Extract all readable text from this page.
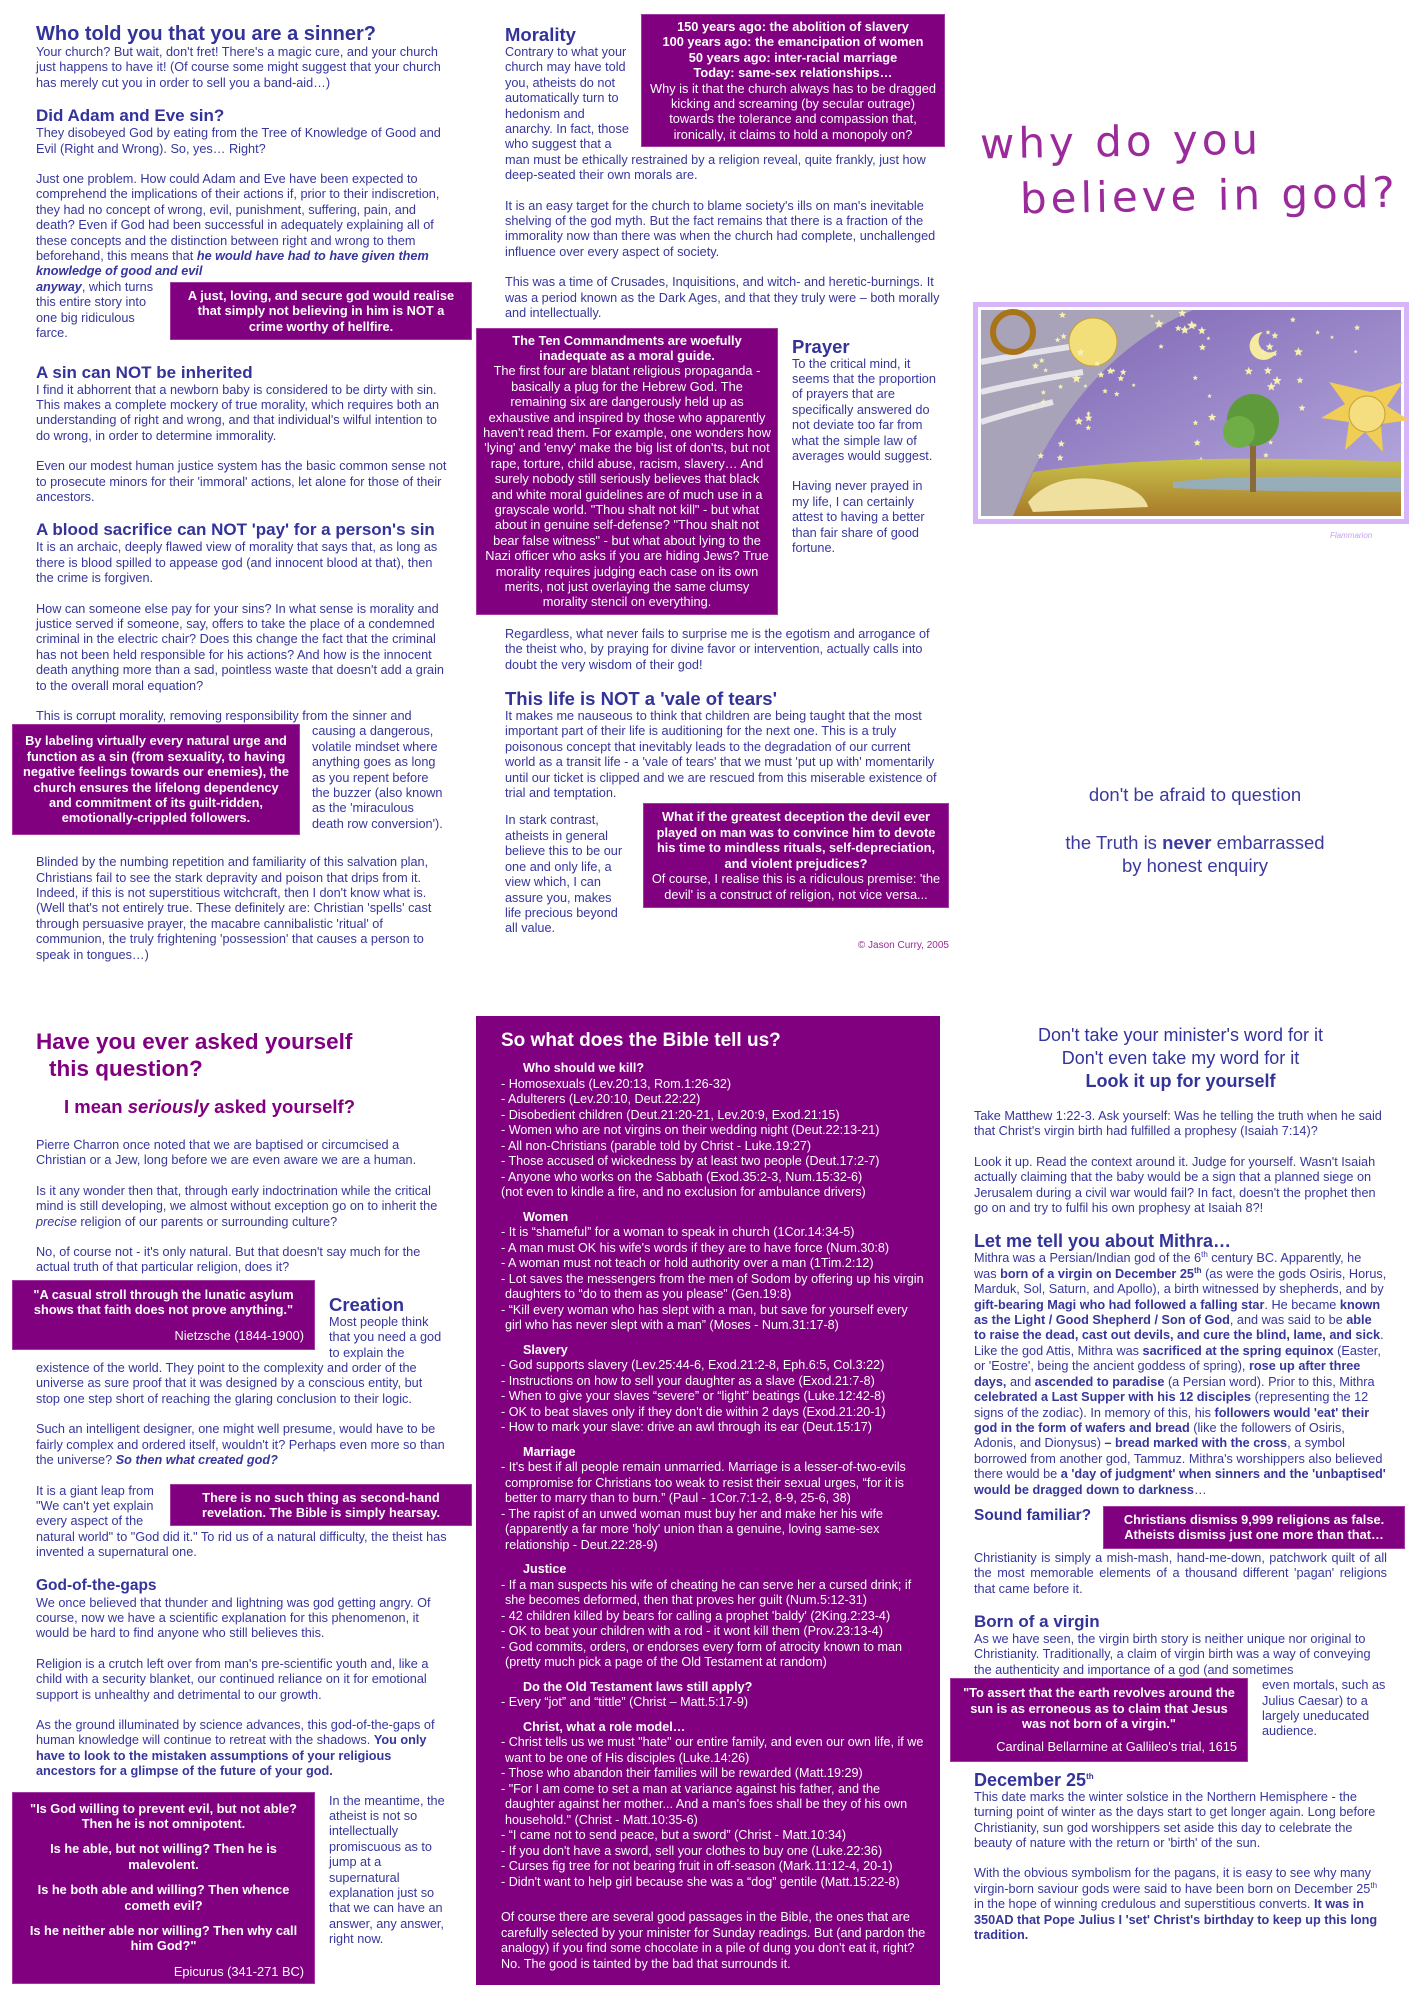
Who told you that you are a sinner?

Your church? But wait, don't fret! There's a magic cure, and your church just happens to have it! (Of course some might suggest that your church has merely cut you in order to sell you a band-aid…)

Did Adam and Eve sin?

They disobeyed God by eating from the Tree of Knowledge of Good and Evil (Right and Wrong). So, yes… Right?

Just one problem. How could Adam and Eve have been expected to comprehend the implications of their actions if, prior to their indiscretion, they had no concept of wrong, evil, punishment, suffering, pain, and death? Even if God had been successful in adequately explaining all of these concepts and the distinction between right and wrong to them beforehand, this means that he would have had to have given them knowledge of good and evil
A just, loving, and secure god would realise that simply not believing in him is NOT a crime worthy of hellfire.

anyway, which turns this entire story into one big ridiculous farce.

A sin can NOT be inherited

I find it abhorrent that a newborn baby is considered to be dirty with sin. This makes a complete mockery of true morality, which requires both an understanding of right and wrong, and that individual's wilful intention to do wrong, in order to determine immorality.

Even our modest human justice system has the basic common sense not to prosecute minors for their 'immoral' actions, let alone for those of their ancestors.

A blood sacrifice can NOT 'pay' for a person's sin

It is an archaic, deeply flawed view of morality that says that, as long as there is blood spilled to appease god (and innocent blood at that), then the crime is forgiven.

How can someone else pay for your sins? In what sense is morality and justice served if someone, say, offers to take the place of a condemned criminal in the electric chair? Does this change the fact that the criminal has not been held responsible for his actions? And how is the innocent death anything more than a sad, pointless waste that doesn't add a grain to the overall moral equation?

This is corrupt morality, removing responsibility from the sinner and
By labeling virtually every natural urge and function as a sin (from sexuality, to having negative feelings towards our enemies), the church ensures the lifelong dependency and commitment of its guilt-ridden, emotionally-crippled followers.

causing a dangerous, volatile mindset where anything goes as long as you repent before the buzzer (also known as the 'miraculous death row conversion').

Blinded by the numbing repetition and familiarity of this salvation plan, Christians fail to see the stark depravity and poison that drips from it. Indeed, if this is not superstitious witchcraft, then I don't know what is. (Well that's not entirely true. These definitely are: Christian 'spells' cast through persuasive prayer, the macabre cannibalistic 'ritual' of communion, the truly frightening 'possession' that causes a person to speak in tongues…)

150 years ago: the abolition of slavery
100 years ago: the emancipation of women
50 years ago: inter-racial marriage
Today: same-sex relationships…
Why is it that the church always has to be dragged kicking and screaming (by secular outrage) towards the tolerance and compassion that, ironically, it claims to hold a monopoly on?
Morality

Contrary to what your church may have told you, atheists do not automatically turn to hedonism and anarchy. In fact, those who suggest that a man must be ethically restrained by a religion reveal, quite frankly, just how deep-seated their own morals are.

It is an easy target for the church to blame society's ills on man's inevitable shelving of the god myth. But the fact remains that there is a fraction of the immorality now than there was when the church had complete, unchallenged influence over every aspect of society.

This was a time of Crusades, Inquisitions, and witch- and heretic-burnings. It was a period known as the Dark Ages, and that they truly were – both morally and intellectually.

The Ten Commandments are woefully inadequate as a moral guide.
The first four are blatant religious propaganda - basically a plug for the Hebrew God. The remaining six are dangerously held up as exhaustive and inspired by those who apparently haven't read them. For example, one wonders how 'lying' and 'envy' make the big list of don'ts, but not rape, torture, child abuse, racism, slavery… And surely nobody still seriously believes that black and white moral guidelines are of much use in a grayscale world. "Thou shalt not kill" - but what about in genuine self-defense? "Thou shalt not bear false witness" - but what about lying to the Nazi officer who asks if you are hiding Jews? True morality requires judging each case on its own merits, not just overlaying the same clumsy morality stencil on everything.
Prayer

To the critical mind, it seems that the proportion of prayers that are specifically answered do not deviate too far from what the simple law of averages would suggest.

Having never prayed in my life, I can certainly attest to having a better than fair share of good fortune.

Regardless, what never fails to surprise me is the egotism and arrogance of the theist who, by praying for divine favor or intervention, actually calls into doubt the very wisdom of their god!

This life is NOT a 'vale of tears'
It makes me nauseous to think that children are being taught that the most important part of their life is auditioning for the next one. This is a truly poisonous concept that inevitably leads to the degradation of our current world as a transit life - a 'vale of tears' that we must 'put up with' momentarily until our ticket is clipped and we are rescued from this miserable existence of trial and temptation.
What if the greatest deception the devil ever played on man was to convince him to devote his time to mindless rituals, self-depreciation, and violent prejudices?
Of course, I realise this is a ridiculous premise: 'the devil' is a construct of religion, not vice versa...

In stark contrast, atheists in general believe this to be our one and only life, a view which, I can assure you, makes life precious beyond all value.

© Jason Curry, 2005
why do you
believe in god?
Flammarion
don't be afraid to question
the Truth is never embarrassed
by honest enquiry
Have you ever asked yourself
this question?
I mean seriously asked yourself?

Pierre Charron once noted that we are baptised or circumcised a Christian or a Jew, long before we are even aware we are a human.

Is it any wonder then that, through early indoctrination while the critical mind is still developing, we almost without exception go on to inherit the precise religion of our parents or surrounding culture?

No, of course not - it's only natural. But that doesn't say much for the actual truth of that particular religion, does it?

"A casual stroll through the lunatic asylum shows that faith does not prove anything."
Nietzsche (1844-1900)
Creation

Most people think that you need a god to explain the existence of the world. They point to the complexity and order of the universe as sure proof that it was designed by a conscious entity, but stop one step short of reaching the glaring conclusion to their logic.

Such an intelligent designer, one might well presume, would have to be fairly complex and ordered itself, wouldn't it? Perhaps even more so than the universe? So then what created god?

There is no such thing as second-hand revelation. The Bible is simply hearsay.

It is a giant leap from "We can't yet explain every aspect of the natural world" to "God did it." To rid us of a natural difficulty, the theist has invented a supernatural one.

God-of-the-gaps

We once believed that thunder and lightning was god getting angry. Of course, now we have a scientific explanation for this phenomenon, it would be hard to find anyone who still believes this.

Religion is a crutch left over from man's pre-scientific youth and, like a child with a security blanket, our continued reliance on it for emotional support is unhealthy and detrimental to our growth.

As the ground illuminated by science advances, this god-of-the-gaps of human knowledge will continue to retreat with the shadows. You only have to look to the mistaken assumptions of your religious ancestors for a glimpse of the future of your god.

"Is God willing to prevent evil, but not able? Then he is not omnipotent.
Is he able, but not willing? Then he is malevolent.
Is he both able and willing? Then whence cometh evil?
Is he neither able nor willing? Then why call him God?"
Epicurus (341-271 BC)

In the meantime, the atheist is not so intellectually promiscuous as to jump at a supernatural explanation just so that we can have an answer, any answer, right now.

So what does the Bible tell us?
Who should we kill?
- Homosexuals (Lev.20:13, Rom.1:26-32)
- Adulterers (Lev.20:10, Deut.22:22)
- Disobedient children (Deut.21:20-21, Lev.20:9, Exod.21:15)
- Women who are not virgins on their wedding night (Deut.22:13-21)
- All non-Christians (parable told by Christ - Luke.19:27)
- Those accused of wickedness by at least two people (Deut.17:2-7)
- Anyone who works on the Sabbath (Exod.35:2-3, Num.15:32-6)
(not even to kindle a fire, and no exclusion for ambulance drivers)
Women
- It is “shameful” for a woman to speak in church (1Cor.14:34-5)
- A man must OK his wife's words if they are to have force (Num.30:8)
- A woman must not teach or hold authority over a man (1Tim.2:12)
- Lot saves the messengers from the men of Sodom by offering up his virgin daughters to “do to them as you please” (Gen.19:8)
- “Kill every woman who has slept with a man, but save for yourself every girl who has never slept with a man” (Moses - Num.31:17-8)
Slavery
- God supports slavery (Lev.25:44-6, Exod.21:2-8, Eph.6:5, Col.3:22)
- Instructions on how to sell your daughter as a slave (Exod.21:7-8)
- When to give your slaves “severe” or “light” beatings (Luke.12:42-8)
- OK to beat slaves only if they don't die within 2 days (Exod.21:20-1)
- How to mark your slave: drive an awl through its ear (Deut.15:17)
Marriage
- It's best if all people remain unmarried. Marriage is a lesser-of-two-evils compromise for Christians too weak to resist their sexual urges, “for it is better to marry than to burn.” (Paul - 1Cor.7:1-2, 8-9, 25-6, 38)
- The rapist of an unwed woman must buy her and make her his wife (apparently a far more 'holy' union than a genuine, loving same-sex relationship - Deut.22:28-9)
Justice
- If a man suspects his wife of cheating he can serve her a cursed drink; if she becomes deformed, then that proves her guilt (Num.5:12-31)
- 42 children killed by bears for calling a prophet 'baldy' (2King.2:23-4)
- OK to beat your children with a rod - it wont kill them (Prov.23:13-4)
- God commits, orders, or endorses every form of atrocity known to man (pretty much pick a page of the Old Testament at random)
Do the Old Testament laws still apply?
- Every “jot” and “tittle” (Christ – Matt.5:17-9)
Christ, what a role model…
- Christ tells us we must "hate" our entire family, and even our own life, if we want to be one of His disciples (Luke.14:26)
- Those who abandon their families will be rewarded (Matt.19:29)
- "For I am come to set a man at variance against his father, and the daughter against her mother... And a man's foes shall be they of his own household." (Christ - Matt.10:35-6)
- “I came not to send peace, but a sword” (Christ - Matt.10:34)
- If you don't have a sword, sell your clothes to buy one (Luke.22:36)
- Curses fig tree for not bearing fruit in off-season (Mark.11:12-4, 20-1)
- Didn't want to help girl because she was a “dog” gentile (Matt.15:22-8)
Of course there are several good passages in the Bible, the ones that are carefully selected by your minister for Sunday readings. But (and pardon the analogy) if you find some chocolate in a pile of dung you don't eat it, right? No. The good is tainted by the bad that surrounds it.
Don't take your minister's word for it
Don't even take my word for it
Look it up for yourself

Take Matthew 1:22-3. Ask yourself: Was he telling the truth when he said that Christ's virgin birth had fulfilled a prophesy (Isaiah 7:14)?

Look it up. Read the context around it. Judge for yourself. Wasn't Isaiah actually claiming that the baby would be a sign that a planned siege on Jerusalem during a civil war would fail? In fact, doesn't the prophet then go on and try to fulfil his own prophesy at Isaiah 8?!

Let me tell you about Mithra…

Mithra was a Persian/Indian god of the 6th century BC. Apparently, he was born of a virgin on December 25th (as were the gods Osiris, Horus, Marduk, Sol, Saturn, and Apollo), a birth witnessed by shepherds, and by gift-bearing Magi who had followed a falling star. He became known as the Light / Good Shepherd / Son of God, and was said to be able to raise the dead, cast out devils, and cure the blind, lame, and sick. Like the god Attis, Mithra was sacrificed at the spring equinox (Easter, or 'Eostre', being the ancient goddess of spring), rose up after three days, and ascended to paradise (a Persian word). Prior to this, Mithra celebrated a Last Supper with his 12 disciples (representing the 12 signs of the zodiac). In memory of this, his followers would 'eat' their god in the form of wafers and bread (like the followers of Osiris, Adonis, and Dionysus) – bread marked with the cross, a symbol borrowed from another god, Tammuz. Mithra's worshippers also believed there would be a 'day of judgment' when sinners and the 'unbaptised' would be dragged down to darkness…

Christians dismiss 9,999 religions as false. Atheists dismiss just one more than that…
Sound familiar?

Christianity is simply a mish-mash, hand-me-down, patchwork quilt of all the most memorable elements of a thousand different 'pagan' religions that came before it.

Born of a virgin
As we have seen, the virgin birth story is neither unique nor original to Christianity. Traditionally, a claim of virgin birth was a way of conveying the authenticity and importance of a god (and sometimes
"To assert that the earth revolves around the sun is as erroneous as to claim that Jesus was not born of a virgin."
Cardinal Bellarmine at Gallileo's trial, 1615

even mortals, such as Julius Caesar) to a largely uneducated audience.

December 25th

This date marks the winter solstice in the Northern Hemisphere - the turning point of winter as the days start to get longer again. Long before Christianity, sun god worshippers set aside this day to celebrate the beauty of nature with the return or 'birth' of the sun.

With the obvious symbolism for the pagans, it is easy to see why many virgin-born saviour gods were said to have been born on December 25th in the hope of winning credulous and superstitious converts. It was in 350AD that Pope Julius I 'set' Christ's birthday to keep up this long tradition.
